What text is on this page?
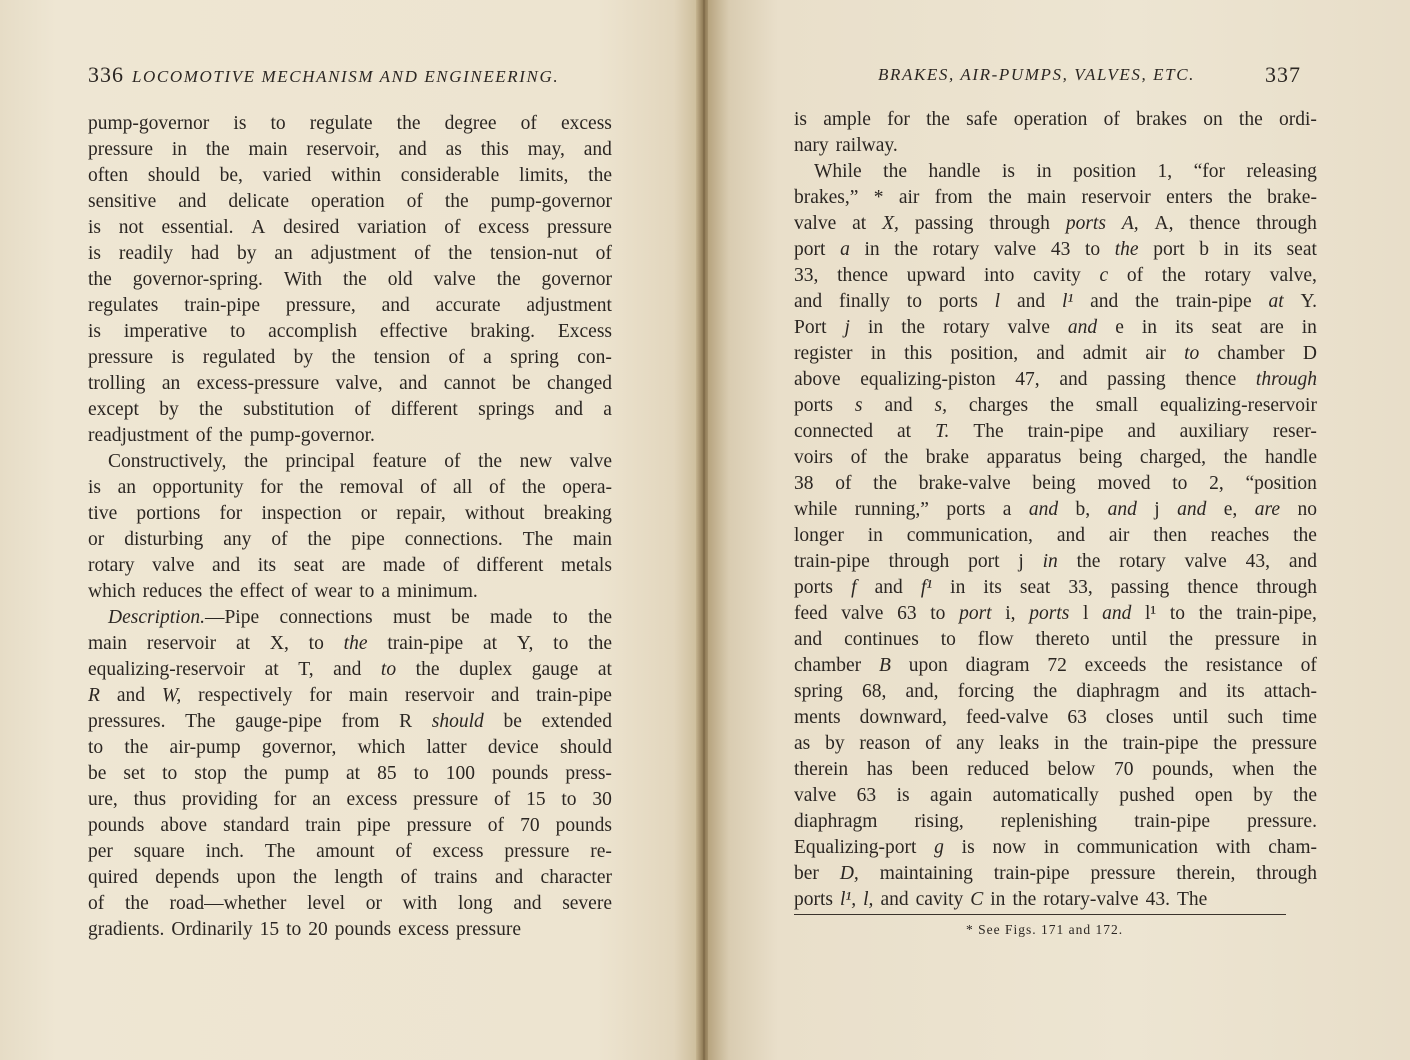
336 LOCOMOTIVE MECHANISM AND ENGINEERING.
pump-governor is to regulate the degree of excess
pressure in the main reservoir, and as this may, and
often should be, varied within considerable limits, the
sensitive and delicate operation of the pump-governor
is not essential. A desired variation of excess pressure
is readily had by an adjustment of the tension-nut of
the governor-spring. With the old valve the governor
regulates train-pipe pressure, and accurate adjustment
is imperative to accomplish effective braking. Excess
pressure is regulated by the tension of a spring con-
trolling an excess-pressure valve, and cannot be changed
except by the substitution of different springs and a
readjustment of the pump-governor.
Constructively, the principal feature of the new valve
is an opportunity for the removal of all of the opera-
tive portions for inspection or repair, without breaking
or disturbing any of the pipe connections. The main
rotary valve and its seat are made of different metals
which reduces the effect of wear to a minimum.
Description.—Pipe connections must be made to the
main reservoir at X, to the train-pipe at Y, to the
equalizing-reservoir at T, and to the duplex gauge at
R and W, respectively for main reservoir and train-pipe
pressures. The gauge-pipe from R should be extended
to the air-pump governor, which latter device should
be set to stop the pump at 85 to 100 pounds press-
ure, thus providing for an excess pressure of 15 to 30
pounds above standard train pipe pressure of 70 pounds
per square inch. The amount of excess pressure re-
quired depends upon the length of trains and character
of the road—whether level or with long and severe
gradients. Ordinarily 15 to 20 pounds excess pressure
BRAKES, AIR-PUMPS, VALVES, ETC.	337
is ample for the safe operation of brakes on the ordi-
nary railway.
While the handle is in position 1, “for releasing
brakes,” * air from the main reservoir enters the brake-
valve at X, passing through ports A, A, thence through
port a in the rotary valve 43 to the port b in its seat
33, thence upward into cavity c of the rotary valve,
and finally to ports l and l¹ and the train-pipe at Y.
Port j in the rotary valve and e in its seat are in
register in this position, and admit air to chamber D
above equalizing-piston 47, and passing thence through
ports s and s, charges the small equalizing-reservoir
connected at T. The train-pipe and auxiliary reser-
voirs of the brake apparatus being charged, the handle
38 of the brake-valve being moved to 2, “position
while running,” ports a and b, and j and e, are no
longer in communication, and air then reaches the
train-pipe through port j in the rotary valve 43, and
ports f and f¹ in its seat 33, passing thence through
feed valve 63 to port i, ports l and l¹ to the train-pipe,
and continues to flow thereto until the pressure in
chamber B upon diagram 72 exceeds the resistance of
spring 68, and, forcing the diaphragm and its attach-
ments downward, feed-valve 63 closes until such time
as by reason of any leaks in the train-pipe the pressure
therein has been reduced below 70 pounds, when the
valve 63 is again automatically pushed open by the
diaphragm rising, replenishing train-pipe pressure.
Equalizing-port g is now in communication with cham-
ber D, maintaining train-pipe pressure therein, through
ports l¹, l, and cavity C in the rotary-valve 43. The
* See Figs. 171 and 172.
